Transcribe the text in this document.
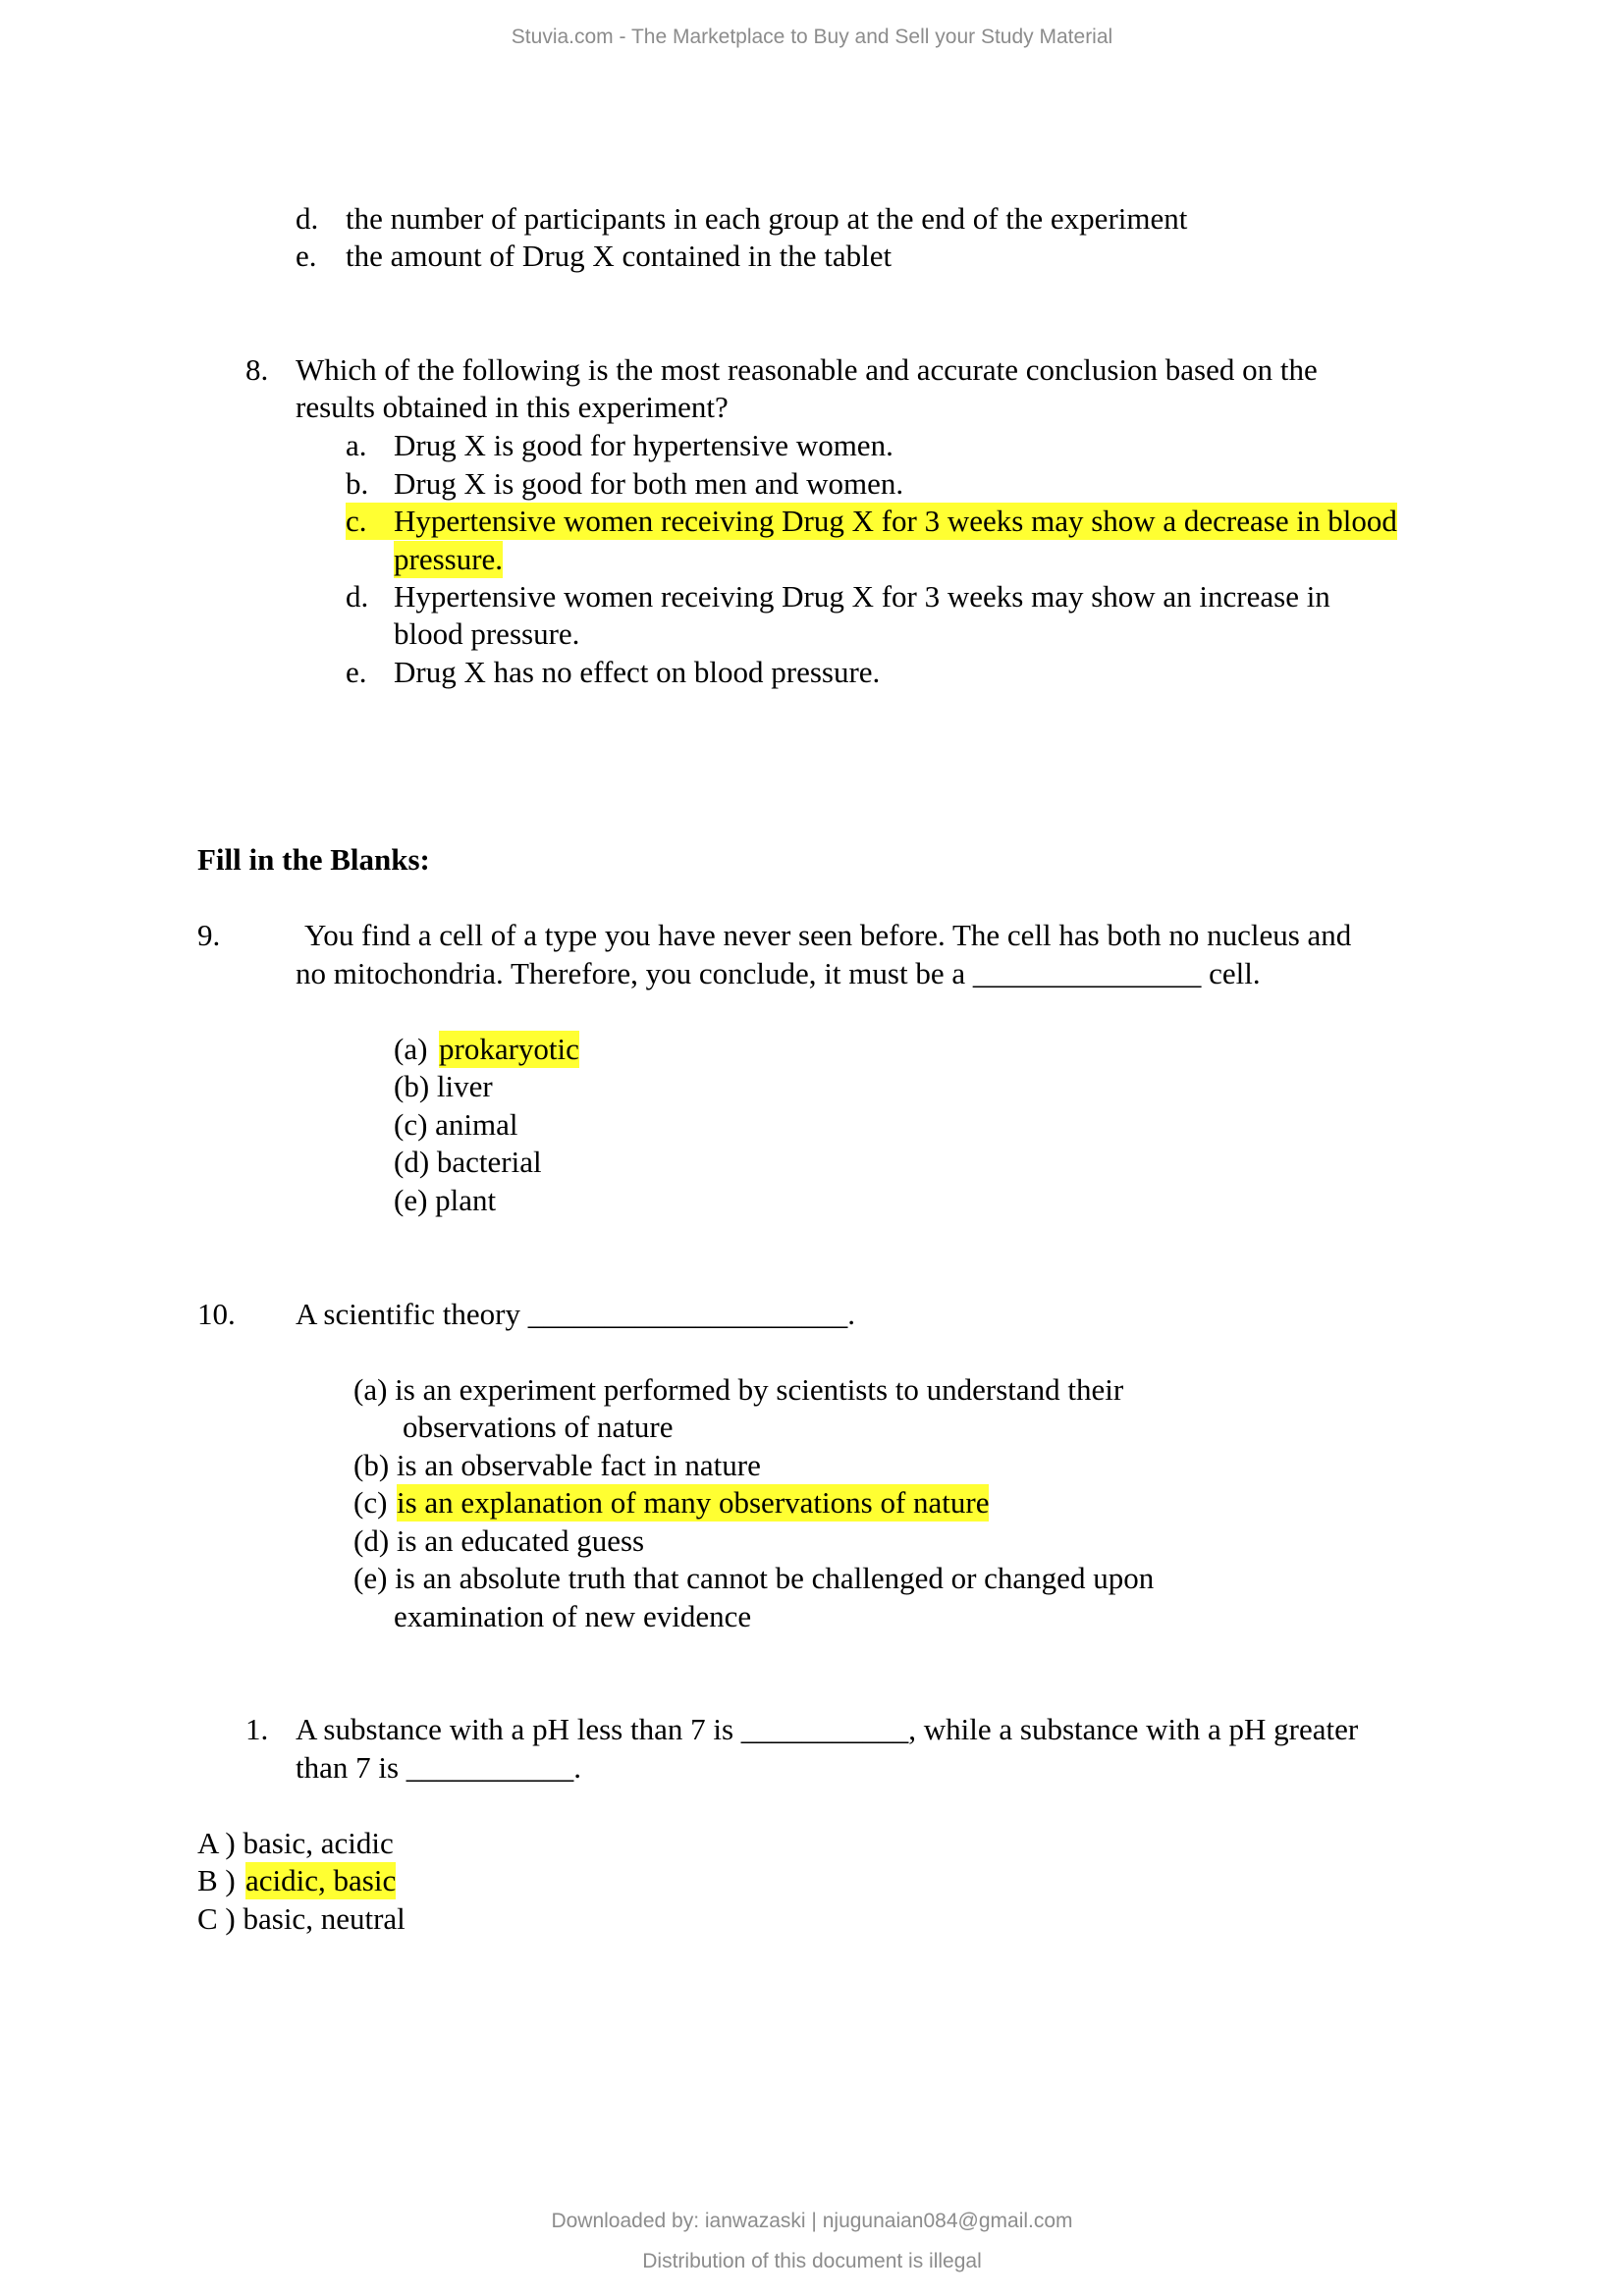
Stuvia.com - The Marketplace to Buy and Sell your Study Material
d. the number of participants in each group at the end of the experiment
e. the amount of Drug X contained in the tablet
8. Which of the following is the most reasonable and accurate conclusion based on the
results obtained in this experiment?
a. Drug X is good for hypertensive women.
b. Drug X is good for both men and women.
c. Hypertensive women receiving Drug X for 3 weeks may show a decrease in blood
pressure.
d. Hypertensive women receiving Drug X for 3 weeks may show an increase in
blood pressure.
e. Drug X has no effect on blood pressure.
Fill in the Blanks:
9.	You find a cell of a type you have never seen before. The cell has both no nucleus and
no mitochondria. Therefore, you conclude, it must be a _______________ cell.
(a) prokaryotic
(b) liver
(c) animal
(d) bacterial
(e) plant
10. A scientific theory _____________________.
(a) is an experiment performed by scientists to understand their
observations of nature
(b) is an observable fact in nature
(c) is an explanation of many observations of nature
(d) is an educated guess
(e) is an absolute truth that cannot be challenged or changed upon
examination of new evidence
1. A substance with a pH less than 7 is ___________, while a substance with a pH greater
than 7 is ___________.
A ) basic, acidic
B ) acidic, basic
C ) basic, neutral
Downloaded by: ianwazaski | njugunaian084@gmail.com
Distribution of this document is illegal
